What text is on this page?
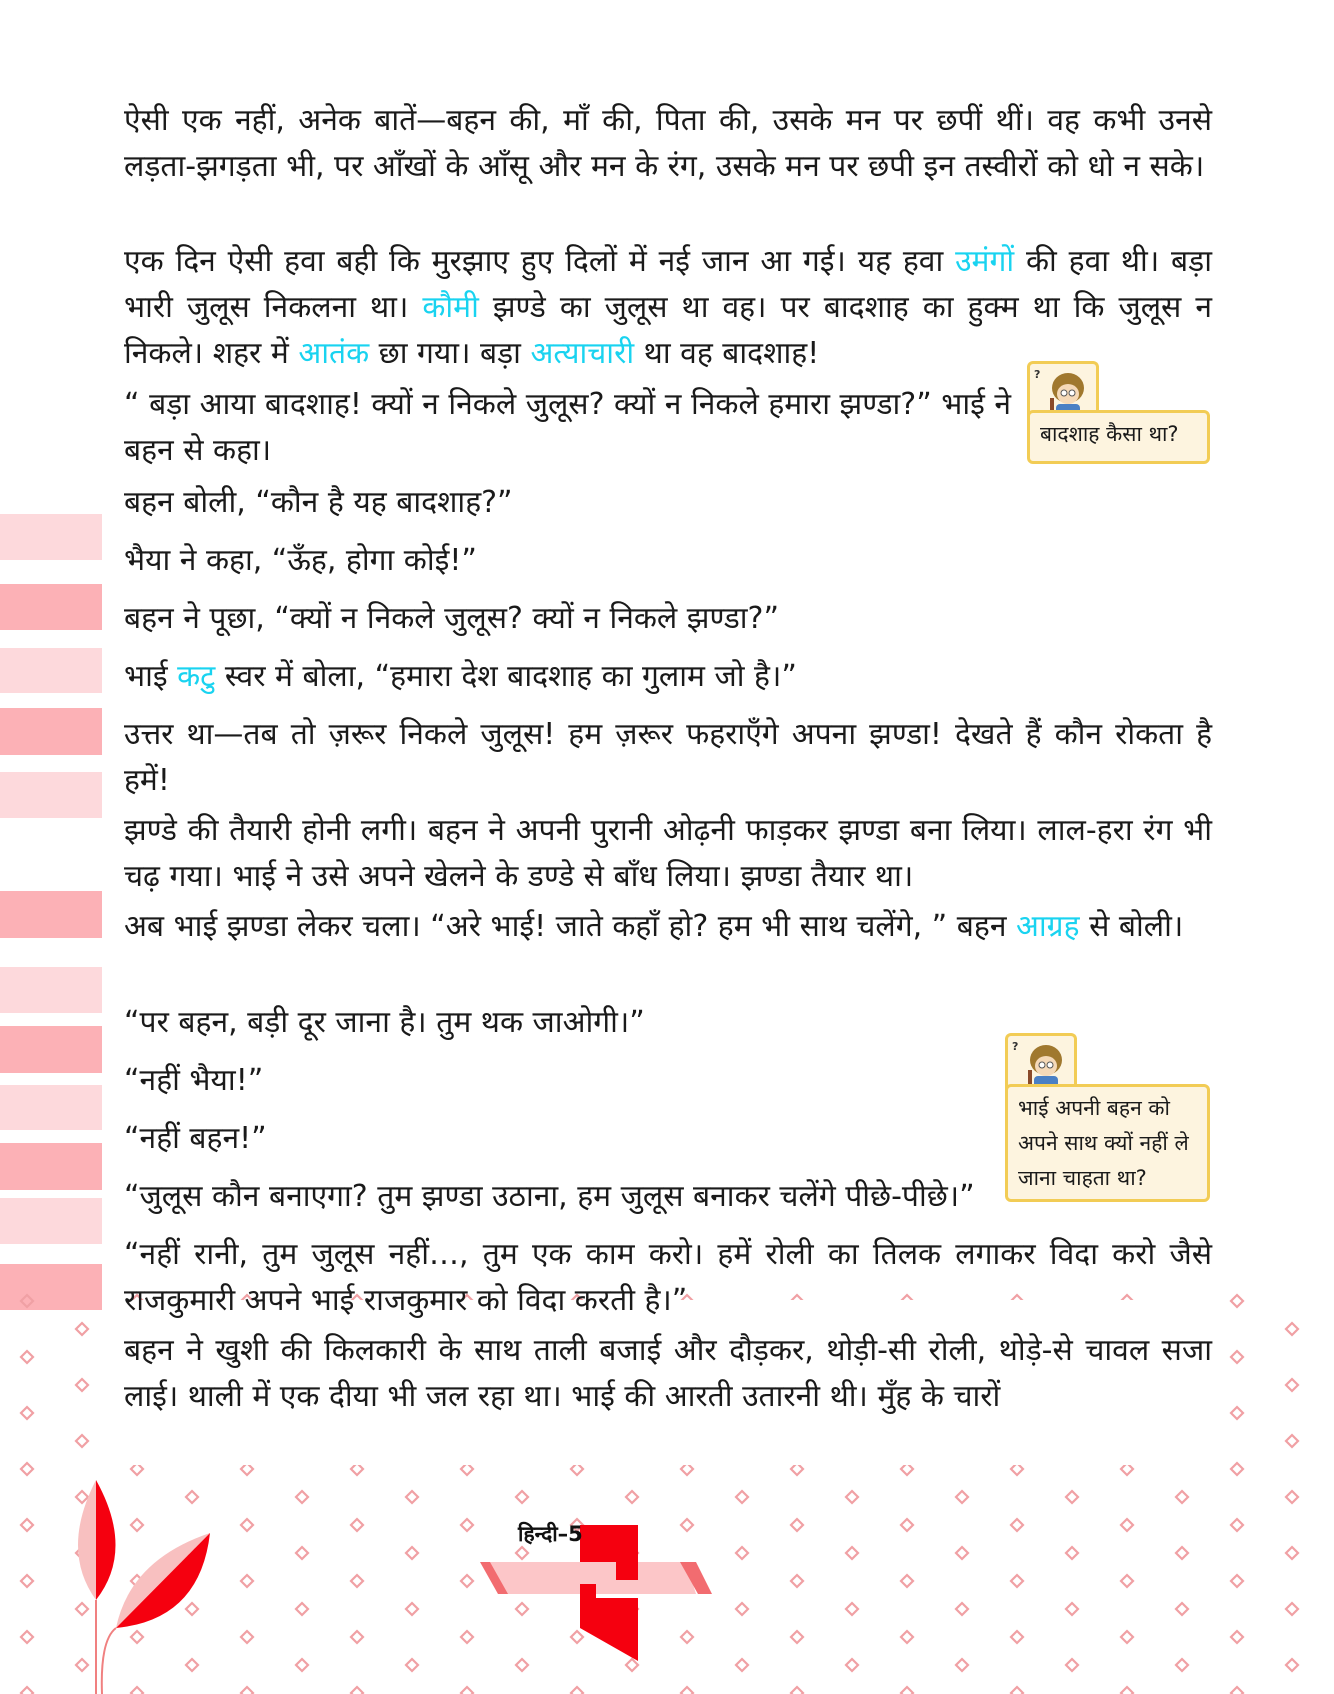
ऐसी एक नहीं, अनेक बातें—बहन की, माँ की, पिता की, उसके मन पर छपीं थीं। वह कभी उनसे लड़ता-झगड़ता भी, पर आँखों के आँसू और मन के रंग, उसके मन पर छपी इन तस्वीरों को धो न सके।

एक दिन ऐसी हवा बही कि मुरझाए हुए दिलों में नई जान आ गई। यह हवा उमंगों की हवा थी। बड़ा भारी जुलूस निकलना था। कौमी झण्डे का जुलूस था वह। पर बादशाह का हुक्म था कि जुलूस न निकले। शहर में आतंक छा गया। बड़ा अत्याचारी था वह बादशाह!

“ बड़ा आया बादशाह! क्यों न निकले जुलूस? क्यों न निकले हमारा झण्डा?” भाई ने बहन से कहा।

बहन बोली, “कौन है यह बादशाह?”

भैया ने कहा, “ऊँह, होगा कोई!”

बहन ने पूछा, “क्यों न निकले जुलूस? क्यों न निकले झण्डा?”

भाई कटु स्वर में बोला, “हमारा देश बादशाह का गुलाम जो है।”

उत्तर था—तब तो ज़रूर निकले जुलूस! हम ज़रूर फहराएँगे अपना झण्डा! देखते हैं कौन रोकता है हमें!

झण्डे की तैयारी होनी लगी। बहन ने अपनी पुरानी ओढ़नी फाड़कर झण्डा बना लिया। लाल-हरा रंग भी चढ़ गया। भाई ने उसे अपने खेलने के डण्डे से बाँध लिया। झण्डा तैयार था।

अब भाई झण्डा लेकर चला। “अरे भाई! जाते कहाँ हो? हम भी साथ चलेंगे, ” बहन आग्रह से बोली।

“पर बहन, बड़ी दूर जाना है। तुम थक जाओगी।”

“नहीं भैया!”

“नहीं बहन!”

“जुलूस कौन बनाएगा? तुम झण्डा उठाना, हम जुलूस बनाकर चलेंगे पीछे-पीछे।”

“नहीं रानी, तुम जुलूस नहीं…, तुम एक काम करो। हमें रोली का तिलक लगाकर विदा करो जैसे राजकुमारी अपने भाई राजकुमार को विदा करती है।”

बहन ने खुशी की किलकारी के साथ ताली बजाई और दौड़कर, थोड़ी-सी रोली, थोड़े-से चावल सजा लाई। थाली में एक दीया भी जल रहा था। भाई की आरती उतारनी थी। मुँह के चारों

?
बादशाह कैसा था?
?
भाई अपनी बहन को अपने साथ क्यों नहीं ले जाना चाहता था?
हिन्दी–5	76
